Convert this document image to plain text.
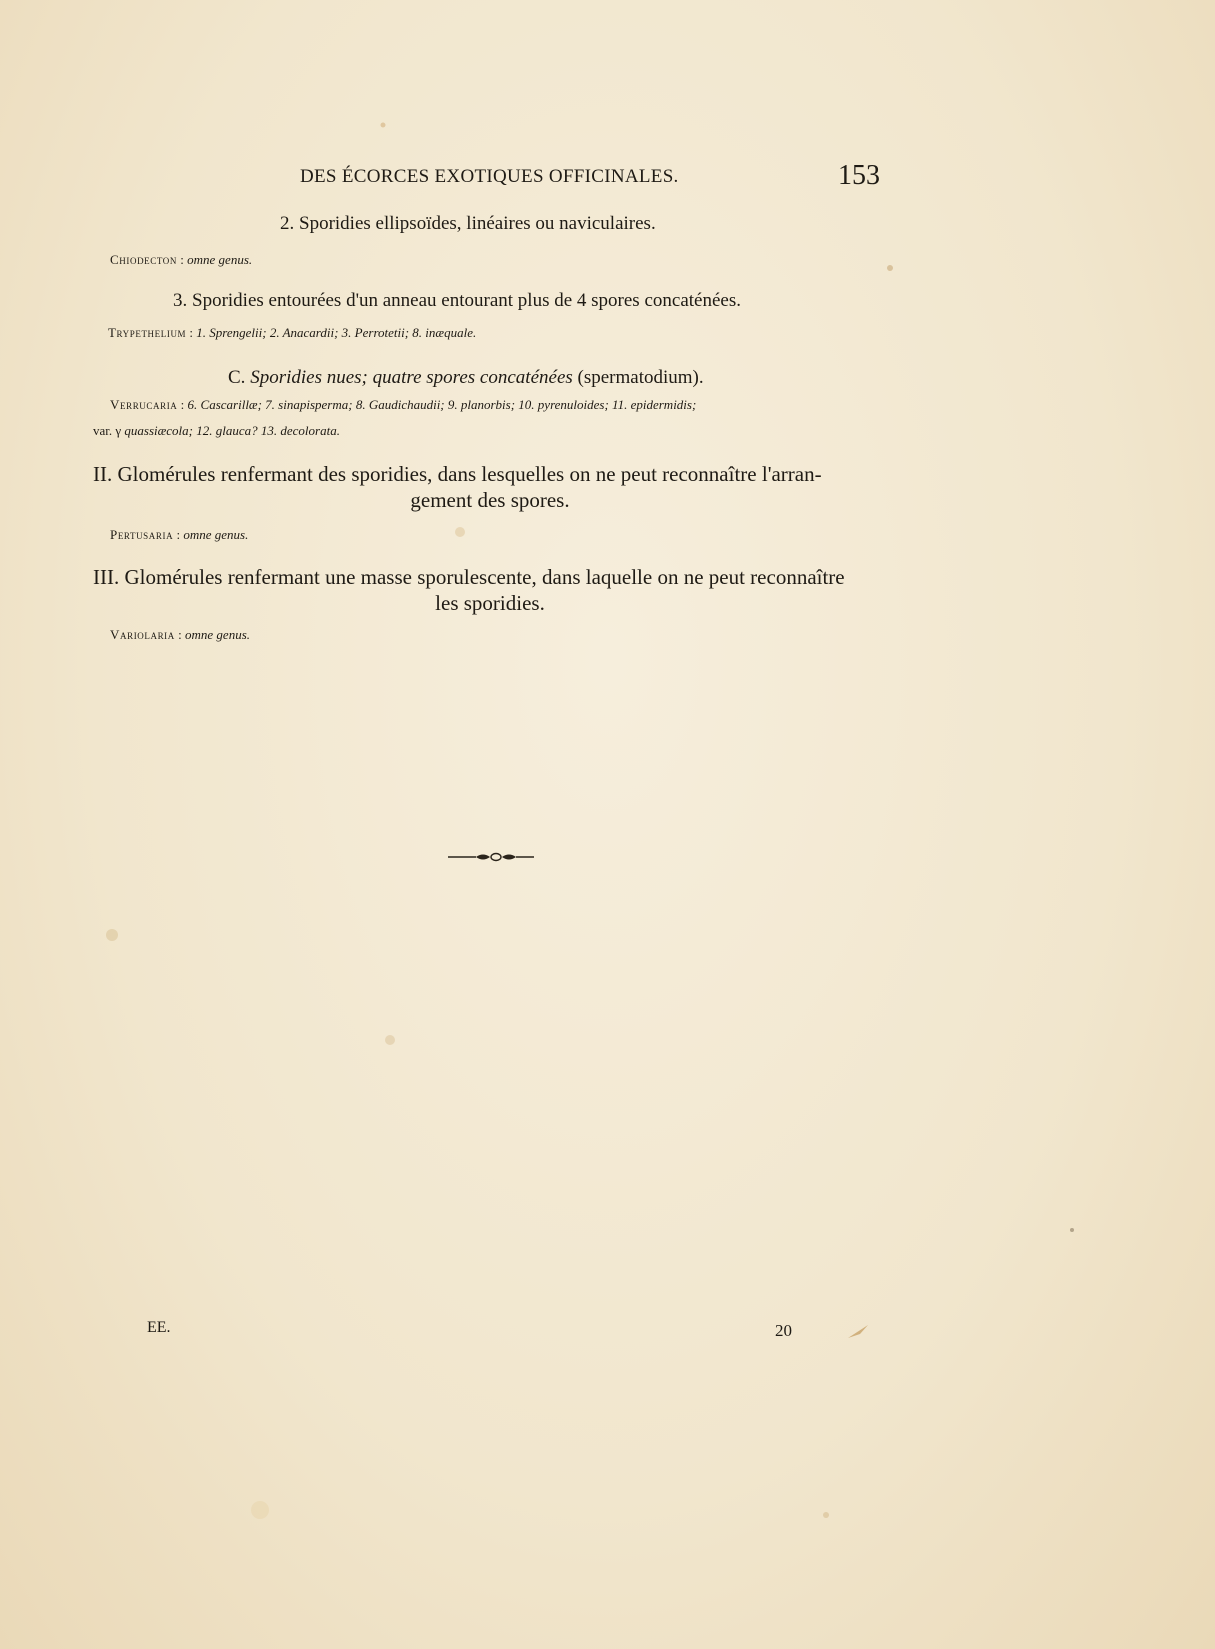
DES ÉCORCES EXOTIQUES OFFICINALES.	153
2. Sporidies ellipsoïdes, linéaires ou naviculaires.
Chiodecton : omne genus.
3. Sporidies entourées d'un anneau entourant plus de 4 spores concaténées.
Trypethelium : 1. Sprengelii; 2. Anacardii; 3. Perrotetii; 8. inæquale.
C. Sporidies nues; quatre spores concaténées (spermatodium).
Verrucaria : 6. Cascarillæ; 7. sinapisperma; 8. Gaudichaudii; 9. planorbis; 10. pyrenuloides; 11. epidermidis;
var. γ quassiæcola; 12. glauca? 13. decolorata.
II. Glomérules renfermant des sporidies, dans lesquelles on ne peut reconnaître l'arran-
gement des spores.
Pertusaria : omne genus.
III. Glomérules renfermant une masse sporulescente, dans laquelle on ne peut reconnaître
les sporidies.
Variolaria : omne genus.
EE.	20
